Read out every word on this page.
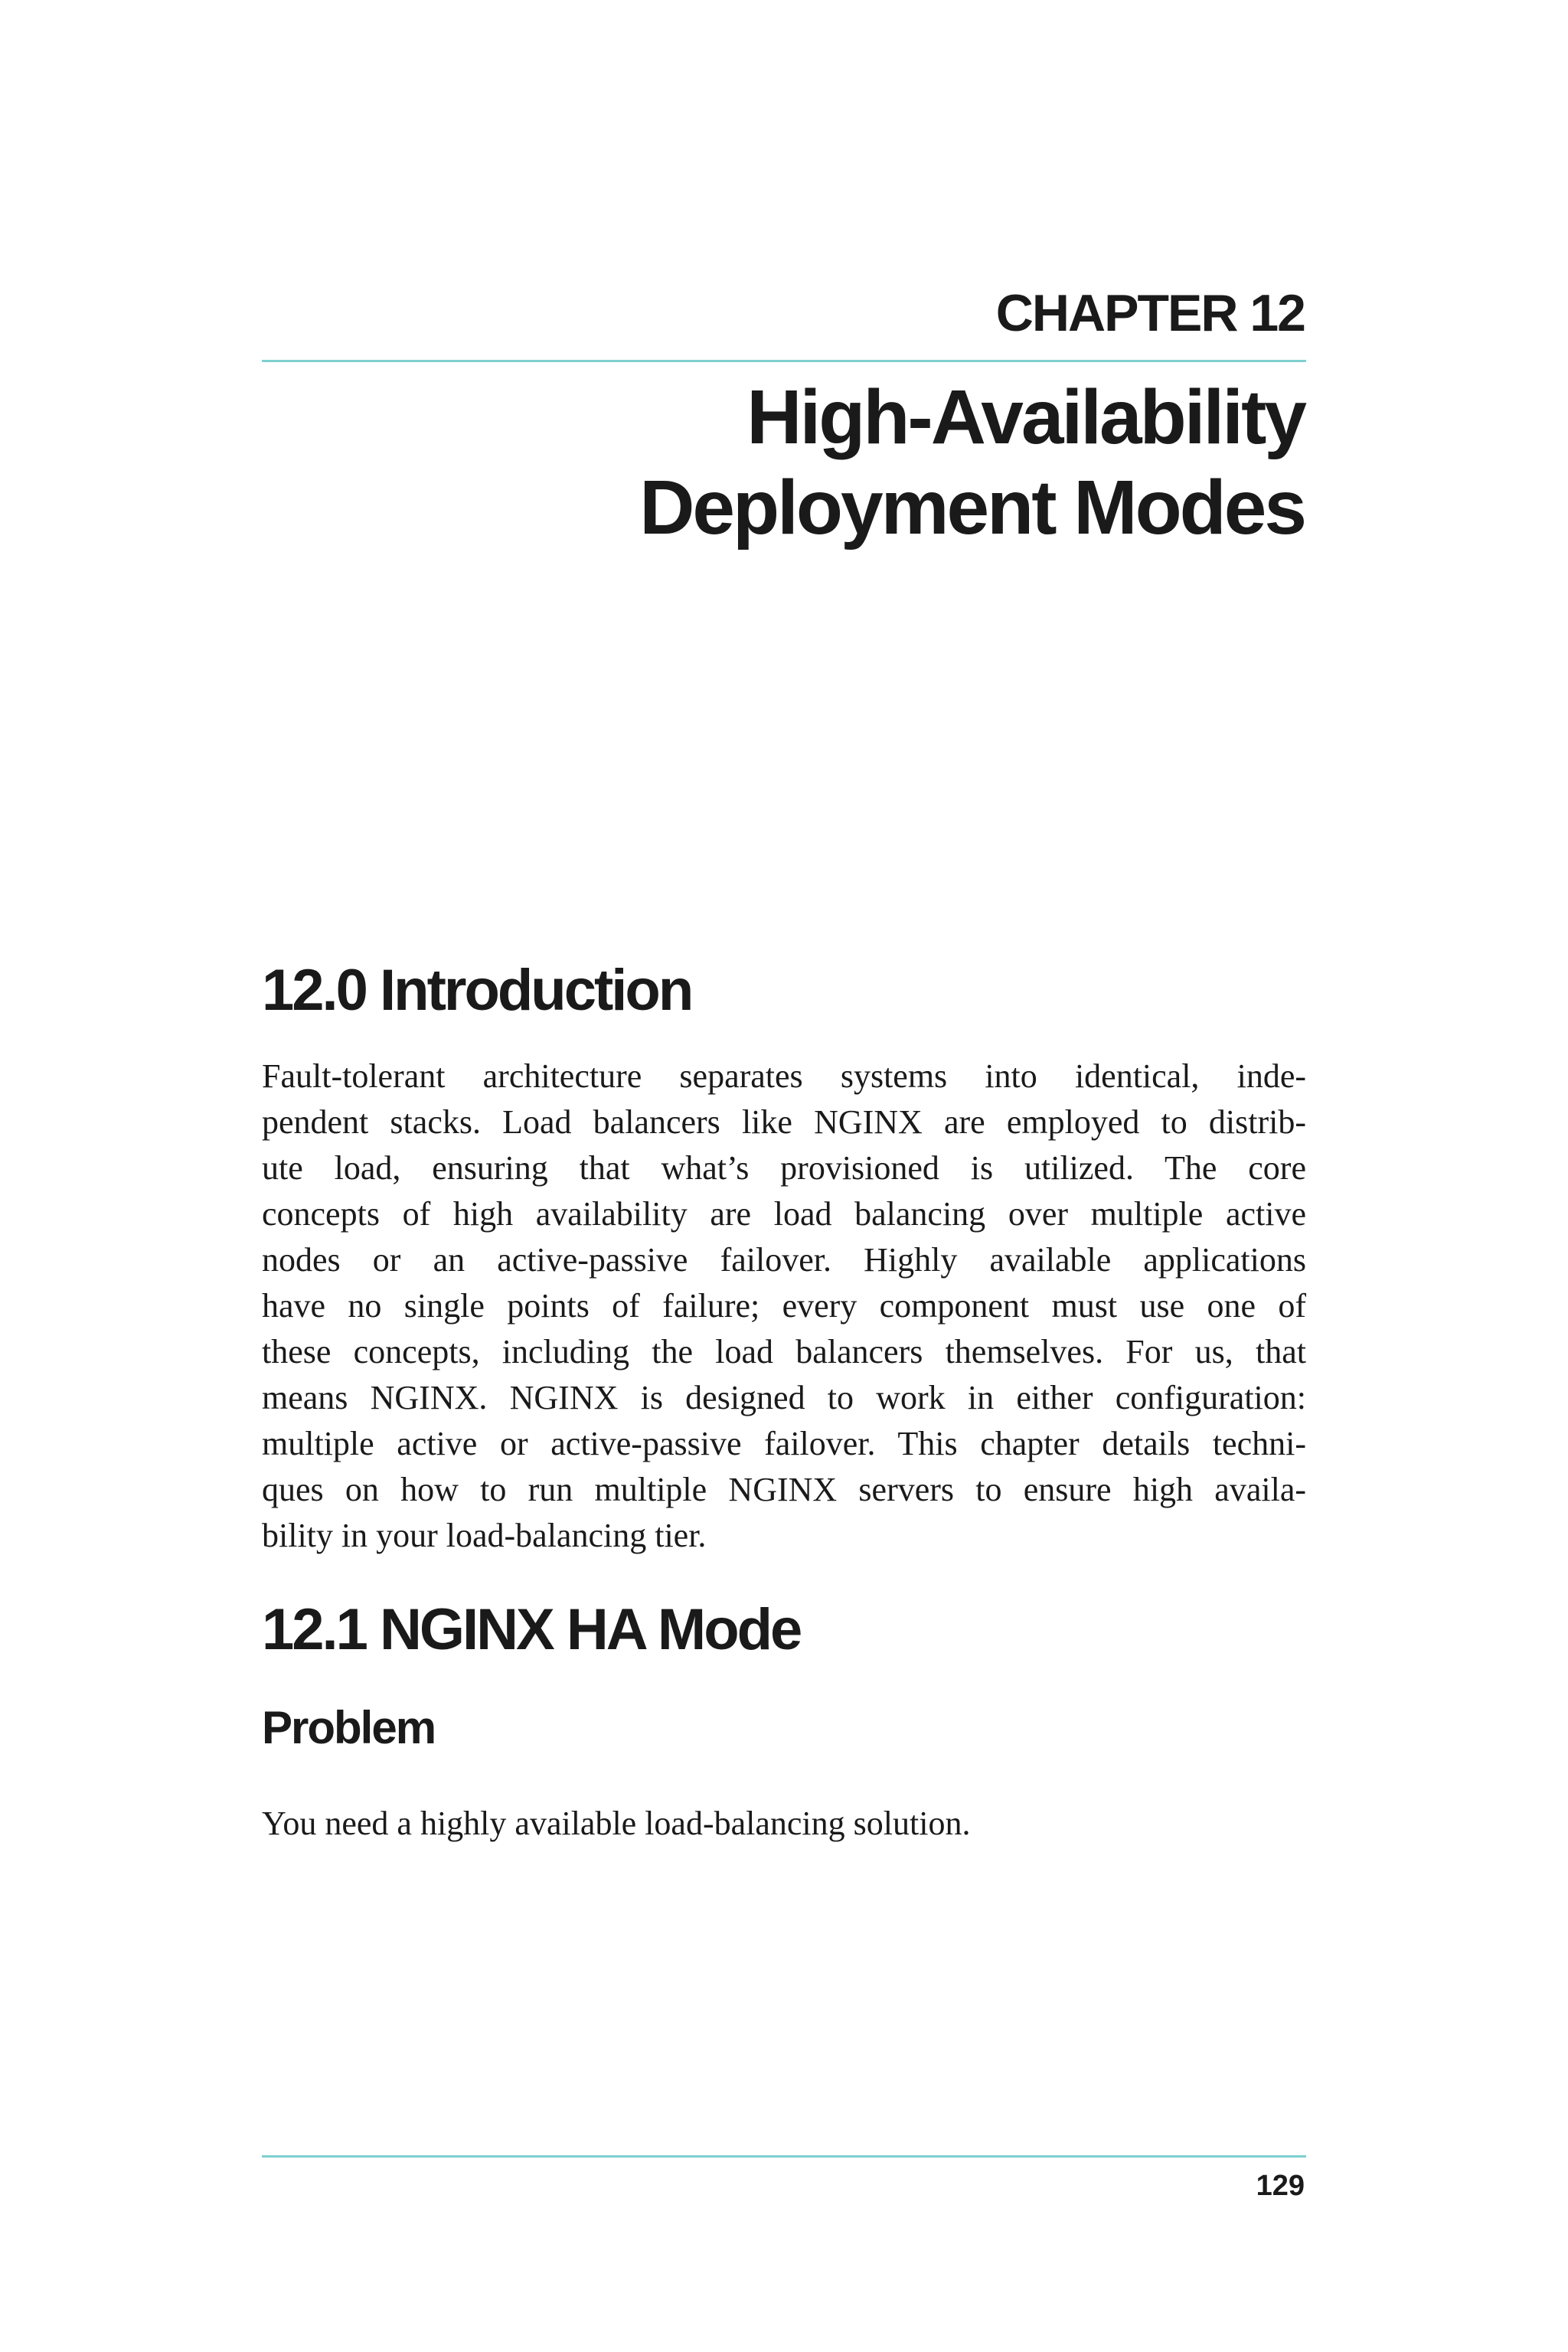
CHAPTER 12
High-Availability
Deployment Modes
12.0 Introduction
Fault-tolerant architecture separates systems into identical, inde-
pendent stacks. Load balancers like NGINX are employed to distrib-
ute load, ensuring that what’s provisioned is utilized. The core
concepts of high availability are load balancing over multiple active
nodes or an active-passive failover. Highly available applications
have no single points of failure; every component must use one of
these concepts, including the load balancers themselves. For us, that
means NGINX. NGINX is designed to work in either configuration:
multiple active or active-passive failover. This chapter details techni-
ques on how to run multiple NGINX servers to ensure high availa-
bility in your load-balancing tier.
12.1 NGINX HA Mode
Problem

You need a highly available load-balancing solution.

129
